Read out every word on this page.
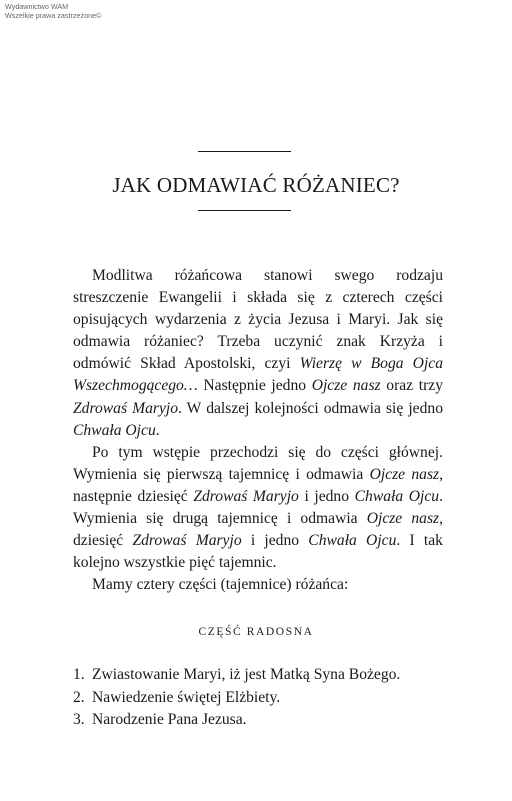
Wydawnictwo WAM
Wszelkie prawa zastrzeżone©
JAK ODMAWIAĆ RÓŻANIEC?

Modlitwa różańcowa stanowi swego rodzaju streszczenie Ewangelii i składa się z czterech części opisujących wydarzenia z życia Jezusa i Maryi. Jak się odmawia różaniec? Trzeba uczynić znak Krzyża i odmówić Skład Apostolski, czyi Wierzę w Boga Ojca Wszechmogącego… Następnie jedno Ojcze nasz oraz trzy Zdrowaś Maryjo. W dalszej kolejności odmawia się jedno Chwała Ojcu.

Po tym wstępie przechodzi się do części głównej. Wymienia się pierwszą tajemnicę i odmawia Ojcze nasz, następnie dziesięć Zdrowaś Maryjo i jedno Chwała Ojcu. Wymienia się drugą tajemnicę i odmawia Ojcze nasz, dziesięć Zdrowaś Maryjo i jedno Chwała Ojcu. I tak kolejno wszystkie pięć tajemnic.

Mamy cztery części (tajemnice) różańca:

CZĘŚĆ RADOSNA
1. Zwiastowanie Maryi, iż jest Matką Syna Bożego.
2. Nawiedzenie świętej Elżbiety.
3. Narodzenie Pana Jezusa.
